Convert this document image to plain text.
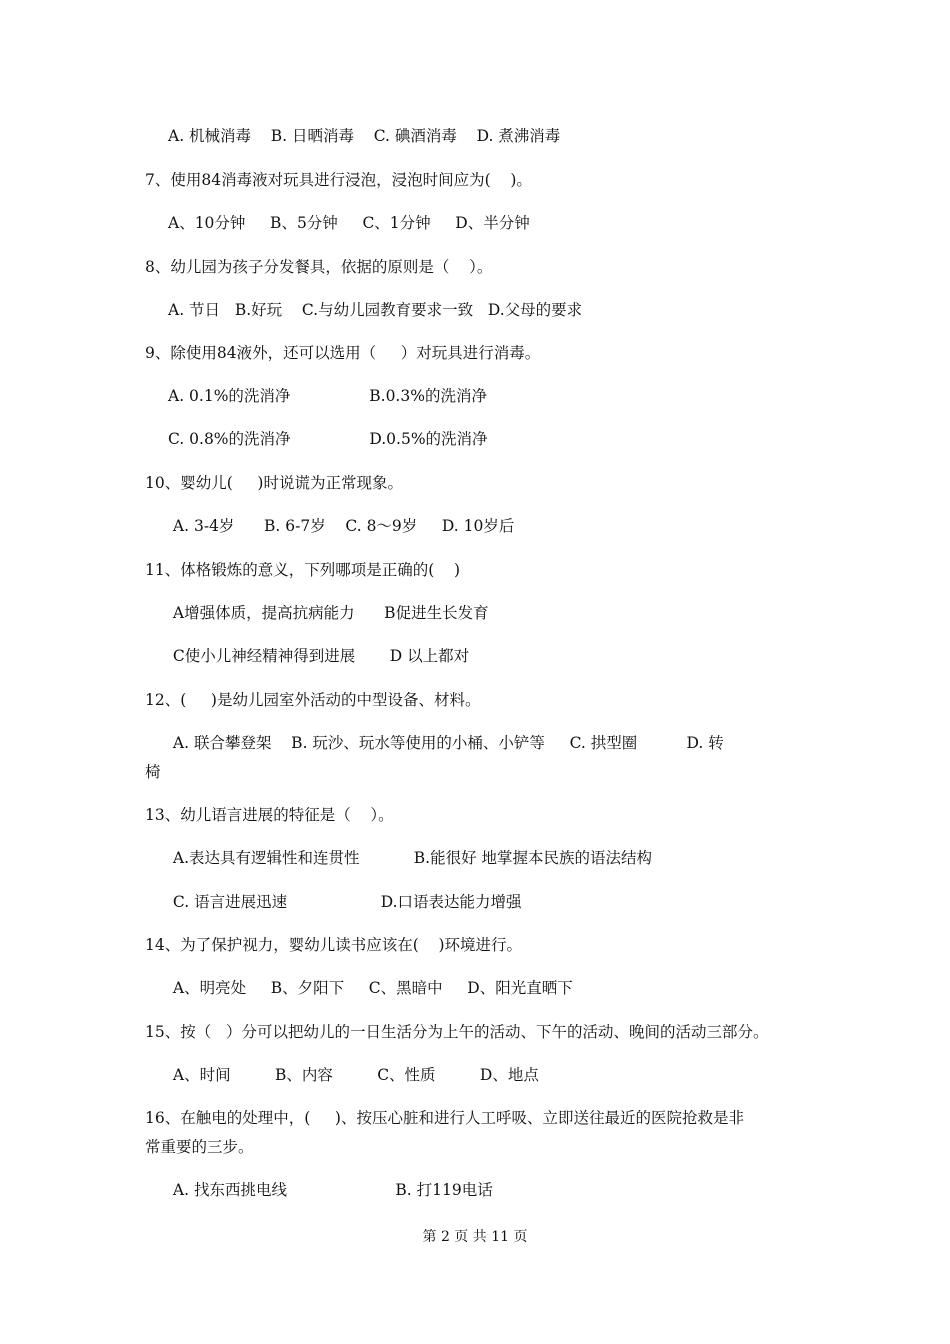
A. 机械消毒    B. 日晒消毒    C. 碘酒消毒    D. 煮沸消毒
7、使用84消毒液对玩具进行浸泡，浸泡时间应为(    )。
A、10分钟     B、5分钟     C、1分钟     D、半分钟
8、幼儿园为孩子分发餐具，依据的原则是（    ）。
A. 节日   B.好玩    C.与幼儿园教育要求一致   D.父母的要求
9、除使用84液外，还可以选用（     ）对玩具进行消毒。
A. 0.1%的洗消净                B.0.3%的洗消净
C. 0.8%的洗消净                D.0.5%的洗消净
10、婴幼儿(     )时说谎为正常现象。
A. 3-4岁      B. 6-7岁    C. 8～9岁     D. 10岁后
11、体格锻炼的意义，下列哪项是正确的(    )
A增强体质，提高抗病能力      B促进生长发育
C使小儿神经精神得到进展       D 以上都对
12、(     )是幼儿园室外活动的中型设备、材料。
A. 联合攀登架    B. 玩沙、玩水等使用的小桶、小铲等     C. 拱型圈          D. 转
椅
13、幼儿语言进展的特征是（    ）。
A.表达具有逻辑性和连贯性           B.能很好 地掌握本民族的语法结构
C. 语言进展迅速                   D.口语表达能力增强
14、为了保护视力，婴幼儿读书应该在(    )环境进行。
A、明亮处     B、夕阳下     C、黑暗中     D、阳光直晒下
15、按（   ）分可以把幼儿的一日生活分为上午的活动、下午的活动、晚间的活动三部分。
A、时间         B、内容         C、性质         D、地点
16、在触电的处理中，(     )、按压心脏和进行人工呼吸、立即送往最近的医院抢救是非
常重要的三步。
A. 找东西挑电线                      B. 打119电话
第 2 页 共 11 页
